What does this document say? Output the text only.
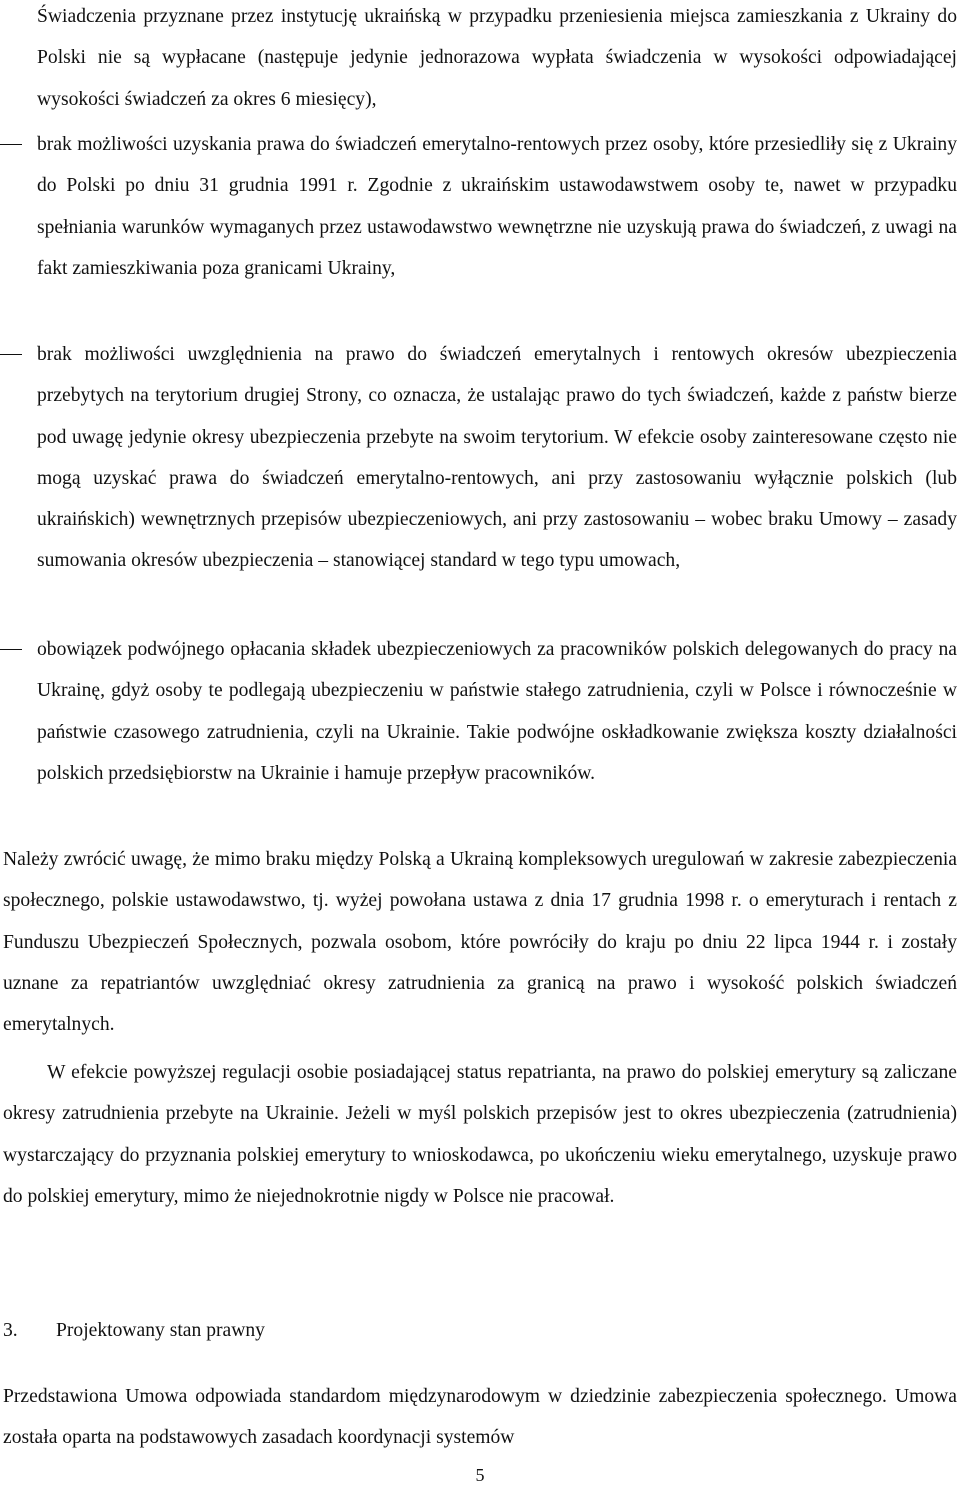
Świadczenia przyznane przez instytucję ukraińską w przypadku przeniesienia miejsca zamieszkania z Ukrainy do Polski nie są wypłacane (następuje jedynie jednorazowa wypłata świadczenia w wysokości odpowiadającej wysokości świadczeń za okres 6 miesięcy),

brak możliwości uzyskania prawa do świadczeń emerytalno-rentowych przez osoby, które przesiedliły się z Ukrainy do Polski po dniu 31 grudnia 1991 r. Zgodnie z ukraińskim ustawodawstwem osoby te, nawet w przypadku spełniania warunków wymaganych przez ustawodawstwo wewnętrzne nie uzyskują prawa do świadczeń, z uwagi na fakt zamieszkiwania poza granicami Ukrainy,

brak możliwości uwzględnienia na prawo do świadczeń emerytalnych i rentowych okresów ubezpieczenia przebytych na terytorium drugiej Strony, co oznacza, że ustalając prawo do tych świadczeń, każde z państw bierze pod uwagę jedynie okresy ubezpieczenia przebyte na swoim terytorium. W efekcie osoby zainteresowane często nie mogą uzyskać prawa do świadczeń emerytalno-rentowych, ani przy zastosowaniu wyłącznie polskich (lub ukraińskich) wewnętrznych przepisów ubezpieczeniowych, ani przy zastosowaniu – wobec braku Umowy – zasady sumowania okresów ubezpieczenia – stanowiącej standard w tego typu umowach,

obowiązek podwójnego opłacania składek ubezpieczeniowych za pracowników polskich delegowanych do pracy na Ukrainę, gdyż osoby te podlegają ubezpieczeniu w państwie stałego zatrudnienia, czyli w Polsce i równocześnie w państwie czasowego zatrudnienia, czyli na Ukrainie. Takie podwójne oskładkowanie zwiększa koszty działalności polskich przedsiębiorstw na Ukrainie i hamuje przepływ pracowników.

Należy zwrócić uwagę, że mimo braku między Polską a Ukrainą kompleksowych uregulowań w zakresie zabezpieczenia społecznego, polskie ustawodawstwo, tj. wyżej powołana ustawa z dnia 17 grudnia 1998 r. o emeryturach i rentach z Funduszu Ubezpieczeń Społecznych, pozwala osobom, które powróciły do kraju po dniu 22 lipca 1944 r. i zostały uznane za repatriantów uwzględniać okresy zatrudnienia za granicą na prawo i wysokość polskich świadczeń emerytalnych.

W efekcie powyższej regulacji osobie posiadającej status repatrianta, na prawo do polskiej emerytury są zaliczane okresy zatrudnienia przebyte na Ukrainie. Jeżeli w myśl polskich przepisów jest to okres ubezpieczenia (zatrudnienia) wystarczający do przyznania polskiej emerytury to wnioskodawca, po ukończeniu wieku emerytalnego, uzyskuje prawo do polskiej emerytury, mimo że niejednokrotnie nigdy w Polsce nie pracował.

3. Projektowany stan prawny

Przedstawiona Umowa odpowiada standardom międzynarodowym w dziedzinie zabezpieczenia społecznego. Umowa została oparta na podstawowych zasadach koordynacji systemów

5
